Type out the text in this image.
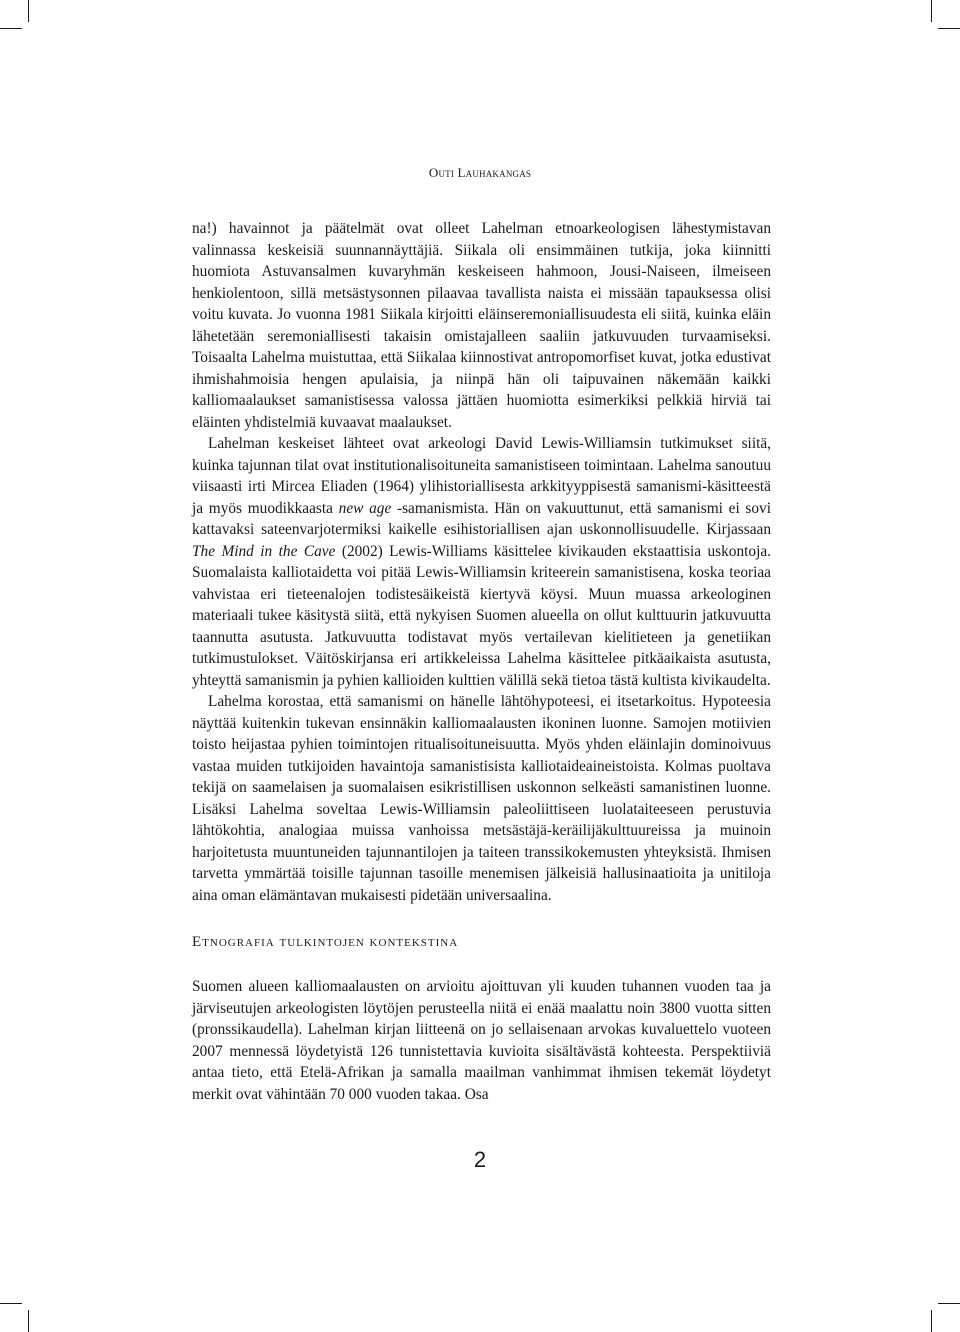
Outi Lauhakangas

na!) havainnot ja päätelmät ovat olleet Lahelman etnoarkeologisen lähestymistavan valinnassa keskeisiä suunnannäyttäjiä. Siikala oli ensimmäinen tutkija, joka kiinnitti huomiota Astuvansalmen kuvaryhmän keskeiseen hahmoon, Jousi-Naiseen, ilmeiseen henkiolentoon, sillä metsästysonnen pilaavaa tavallista naista ei missään tapauksessa olisi voitu kuvata. Jo vuonna 1981 Siikala kirjoitti eläinseremoniallisuudesta eli siitä, kuinka eläin lähetetään seremoniallisesti takaisin omistajalleen saaliin jatkuvuuden turvaamiseksi. Toisaalta Lahelma muistuttaa, että Siikalaa kiinnostivat antropomorfiset kuvat, jotka edustivat ihmishahmoisia hengen apulaisia, ja niinpä hän oli taipuvainen näkemään kaikki kalliomaalaukset samanistisessa valossa jättäen huomiotta esimerkiksi pelkkiä hirviä tai eläinten yhdistelmiä kuvaavat maalaukset.

Lahelman keskeiset lähteet ovat arkeologi David Lewis-Williamsin tutkimukset siitä, kuinka tajunnan tilat ovat institutionalisoituneita samanistiseen toimintaan. Lahelma sanoutuu viisaasti irti Mircea Eliaden (1964) ylihistoriallisesta arkkityyppisestä samanismi-käsitteestä ja myös muodikkaasta new age -samanismista. Hän on vakuuttunut, että samanismi ei sovi kattavaksi sateenvarjotermiksi kaikelle esihistoriallisen ajan uskonnollisuudelle. Kirjassaan The Mind in the Cave (2002) Lewis-Williams käsittelee kivikauden ekstaattisia uskontoja. Suomalaista kalliotaidetta voi pitää Lewis-Williamsin kriteerein samanistisena, koska teoriaa vahvistaa eri tieteenalojen todistesäikeistä kiertyvä köysi. Muun muassa arkeologinen materiaali tukee käsitystä siitä, että nykyisen Suomen alueella on ollut kulttuurin jatkuvuutta taannutta asutusta. Jatkuvuutta todistavat myös vertailevan kielitieteen ja genetiikan tutkimustulokset. Väitöskirjansa eri artikkeleissa Lahelma käsittelee pitkäaikaista asutusta, yhteyttä samanismin ja pyhien kallioiden kulttien välillä sekä tietoa tästä kultista kivikaudelta.

Lahelma korostaa, että samanismi on hänelle lähtöhypoteesi, ei itsetarkoitus. Hypoteesia näyttää kuitenkin tukevan ensinnäkin kalliomaalausten ikoninen luonne. Samojen motiivien toisto heijastaa pyhien toimintojen ritualisoituneisuutta. Myös yhden eläinlajin dominoivuus vastaa muiden tutkijoiden havaintoja samanistisista kalliotaideaineistoista. Kolmas puoltava tekijä on saamelaisen ja suomalaisen esikristillisen uskonnon selkeästi samanistinen luonne. Lisäksi Lahelma soveltaa Lewis-Williamsin paleoliittiseen luolataiteeseen perustuvia lähtökohtia, analogiaa muissa vanhoissa metsästäjä-keräilijäkulttuureissa ja muinoin harjoitetusta muuntuneiden tajunnantilojen ja taiteen transsikokemusten yhteyksistä. Ihmisen tarvetta ymmärtää toisille tajunnan tasoille menemisen jälkeisiä hallusinaatioita ja unitiloja aina oman elämäntavan mukaisesti pidetään universaalina.

Etnografia tulkintojen kontekstina

Suomen alueen kalliomaalausten on arvioitu ajoittuvan yli kuuden tuhannen vuoden taa ja järviseutujen arkeologisten löytöjen perusteella niitä ei enää maalattu noin 3800 vuotta sitten (pronssikaudella). Lahelman kirjan liitteenä on jo sellaisenaan arvokas kuvaluettelo vuoteen 2007 mennessä löydetyistä 126 tunnistettavia kuvioita sisältävästä kohteesta. Perspektiiviä antaa tieto, että Etelä-Afrikan ja samalla maailman vanhimmat ihmisen tekemät löydetyt merkit ovat vähintään 70 000 vuoden takaa. Osa

2
